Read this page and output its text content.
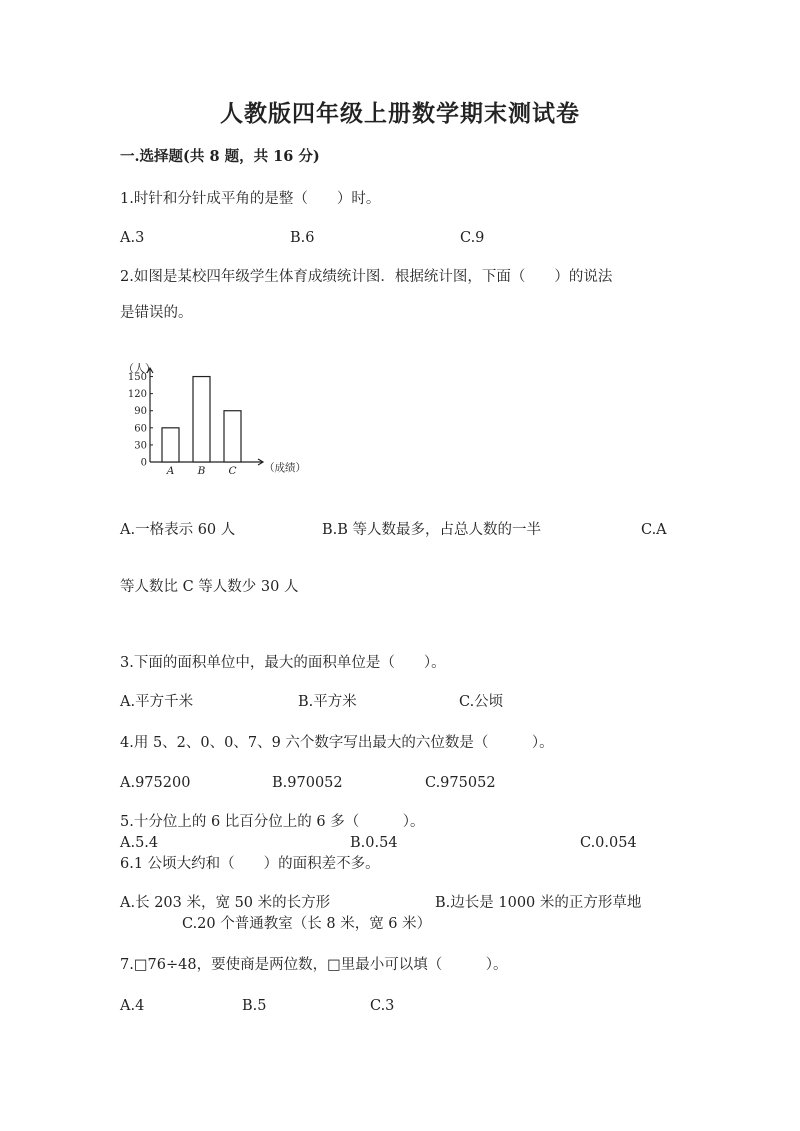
人教版四年级上册数学期末测试卷
一.选择题(共 8 题，共 16 分)
1.时针和分针成平角的是整（　　）时。
A.3	B.6	C.9
2.如图是某校四年级学生体育成绩统计图．根据统计图，下面（　　）的说法
是错误的。
0
30
60
90
120
150
（人）
A B C	（成绩）
A.一格表示 60 人	B.B 等人数最多，占总人数的一半	C.A
等人数比 C 等人数少 30 人
3.下面的面积单位中，最大的面积单位是（　　）。
A.平方千米	B.平方米	C.公顷
4.用 5、2、0、0、7、9 六个数字写出最大的六位数是（　　　）。
A.975200	B.970052	C.975052
5.十分位上的 6 比百分位上的 6 多（　　　）。
A.5.4	B.0.54	C.0.054
6.1 公顷大约和（　　）的面积差不多。
A.长 203 米，宽 50 米的长方形	B.边长是 1000 米的正方形草地
C.20 个普通教室（长 8 米，宽 6 米）
7.□76÷48，要使商是两位数，□里最小可以填（　　　）。
A.4	B.5	C.3
